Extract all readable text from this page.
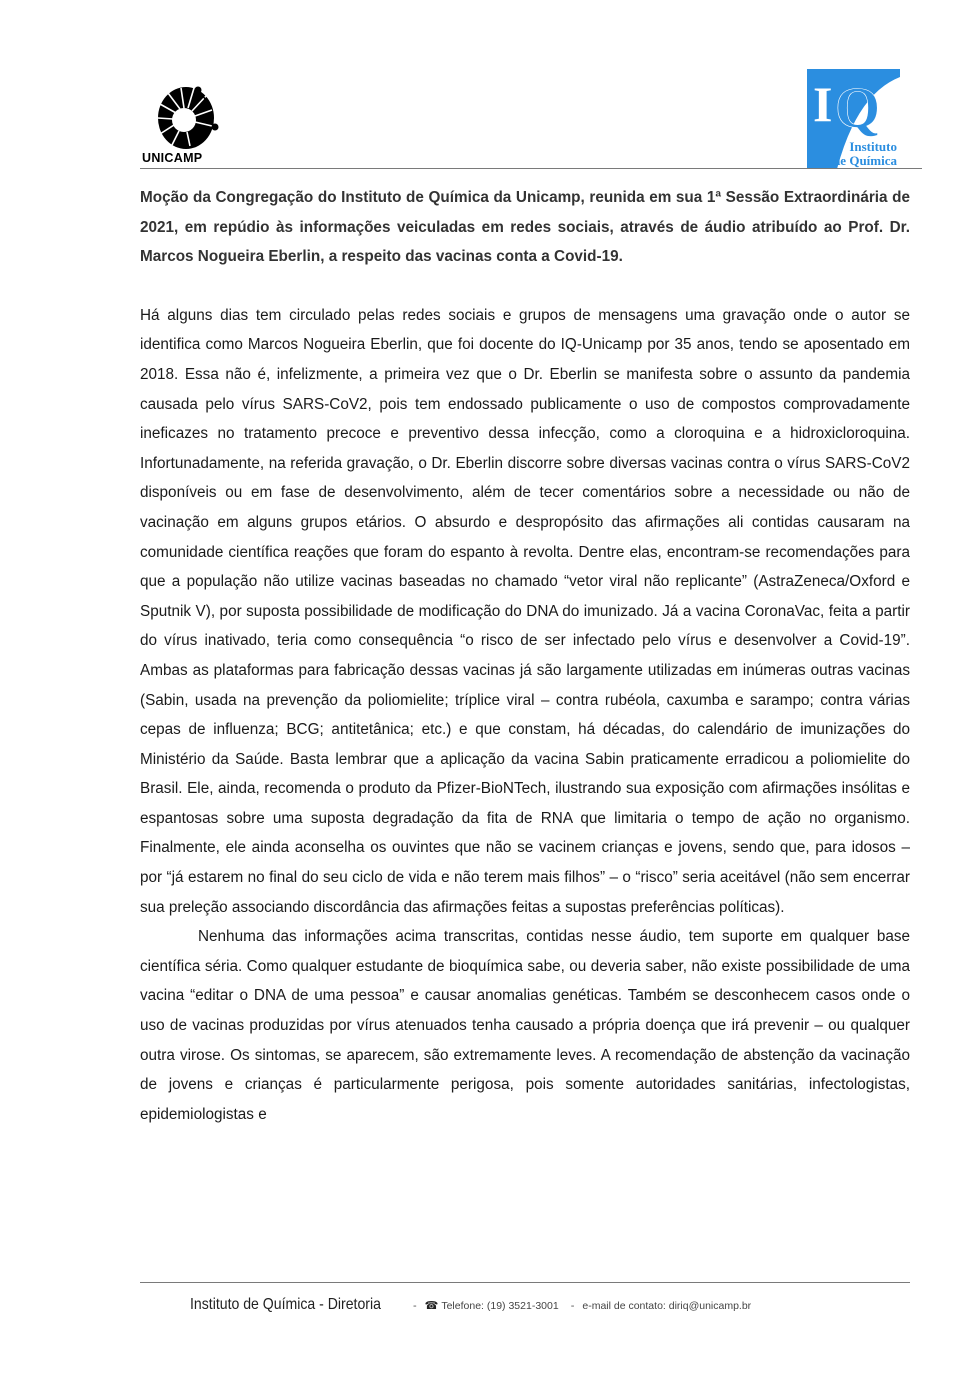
UNICAMP
I Q
Instituto
de Química

Moção da Congregação do Instituto de Química da Unicamp, reunida em sua 1ª Sessão Extraordinária de 2021, em repúdio às informações veiculadas em redes sociais, através de áudio atribuído ao Prof. Dr. Marcos Nogueira Eberlin, a respeito das vacinas conta a Covid-19.

Há alguns dias tem circulado pelas redes sociais e grupos de mensagens uma gravação onde o autor se identifica como Marcos Nogueira Eberlin, que foi docente do IQ-Unicamp por 35 anos, tendo se aposentado em 2018. Essa não é, infelizmente, a primeira vez que o Dr. Eberlin se manifesta sobre o assunto da pandemia causada pelo vírus SARS-CoV2, pois tem endossado publicamente o uso de compostos comprovadamente ineficazes no tratamento precoce e preventivo dessa infecção, como a cloroquina e a hidroxicloroquina. Infortunadamente, na referida gravação, o Dr. Eberlin discorre sobre diversas vacinas contra o vírus SARS-CoV2 disponíveis ou em fase de desenvolvimento, além de tecer comentários sobre a necessidade ou não de vacinação em alguns grupos etários. O absurdo e despropósito das afirmações ali contidas causaram na comunidade científica reações que foram do espanto à revolta. Dentre elas, encontram-se recomendações para que a população não utilize vacinas baseadas no chamado “vetor viral não replicante” (AstraZeneca/Oxford e Sputnik V), por suposta possibilidade de modificação do DNA do imunizado. Já a vacina CoronaVac, feita a partir do vírus inativado, teria como consequência “o risco de ser infectado pelo vírus e desenvolver a Covid-19”. Ambas as plataformas para fabricação dessas vacinas já são largamente utilizadas em inúmeras outras vacinas (Sabin, usada na prevenção da poliomielite; tríplice viral – contra rubéola, caxumba e sarampo; contra várias cepas de influenza; BCG; antitetânica; etc.) e que constam, há décadas, do calendário de imunizações do Ministério da Saúde. Basta lembrar que a aplicação da vacina Sabin praticamente erradicou a poliomielite do Brasil. Ele, ainda, recomenda o produto da Pfizer-BioNTech, ilustrando sua exposição com afirmações insólitas e espantosas sobre uma suposta degradação da fita de RNA que limitaria o tempo de ação no organismo. Finalmente, ele ainda aconselha os ouvintes que não se vacinem crianças e jovens, sendo que, para idosos – por “já estarem no final do seu ciclo de vida e não terem mais filhos” – o “risco” seria aceitável (não sem encerrar sua preleção associando discordância das afirmações feitas a supostas preferências políticas).

Nenhuma das informações acima transcritas, contidas nesse áudio, tem suporte em qualquer base científica séria. Como qualquer estudante de bioquímica sabe, ou deveria saber, não existe possibilidade de uma vacina “editar o DNA de uma pessoa” e causar anomalias genéticas. Também se desconhecem casos onde o uso de vacinas produzidas por vírus atenuados tenha causado a própria doença que irá prevenir – ou qualquer outra virose. Os sintomas, se aparecem, são extremamente leves. A recomendação de abstenção da vacinação de jovens e crianças é particularmente perigosa, pois somente autoridades sanitárias, infectologistas, epidemiologistas e

Instituto de Química - Diretoria	- ☎ Telefone: (19) 3521-3001 - e-mail de contato: diriq@unicamp.br
